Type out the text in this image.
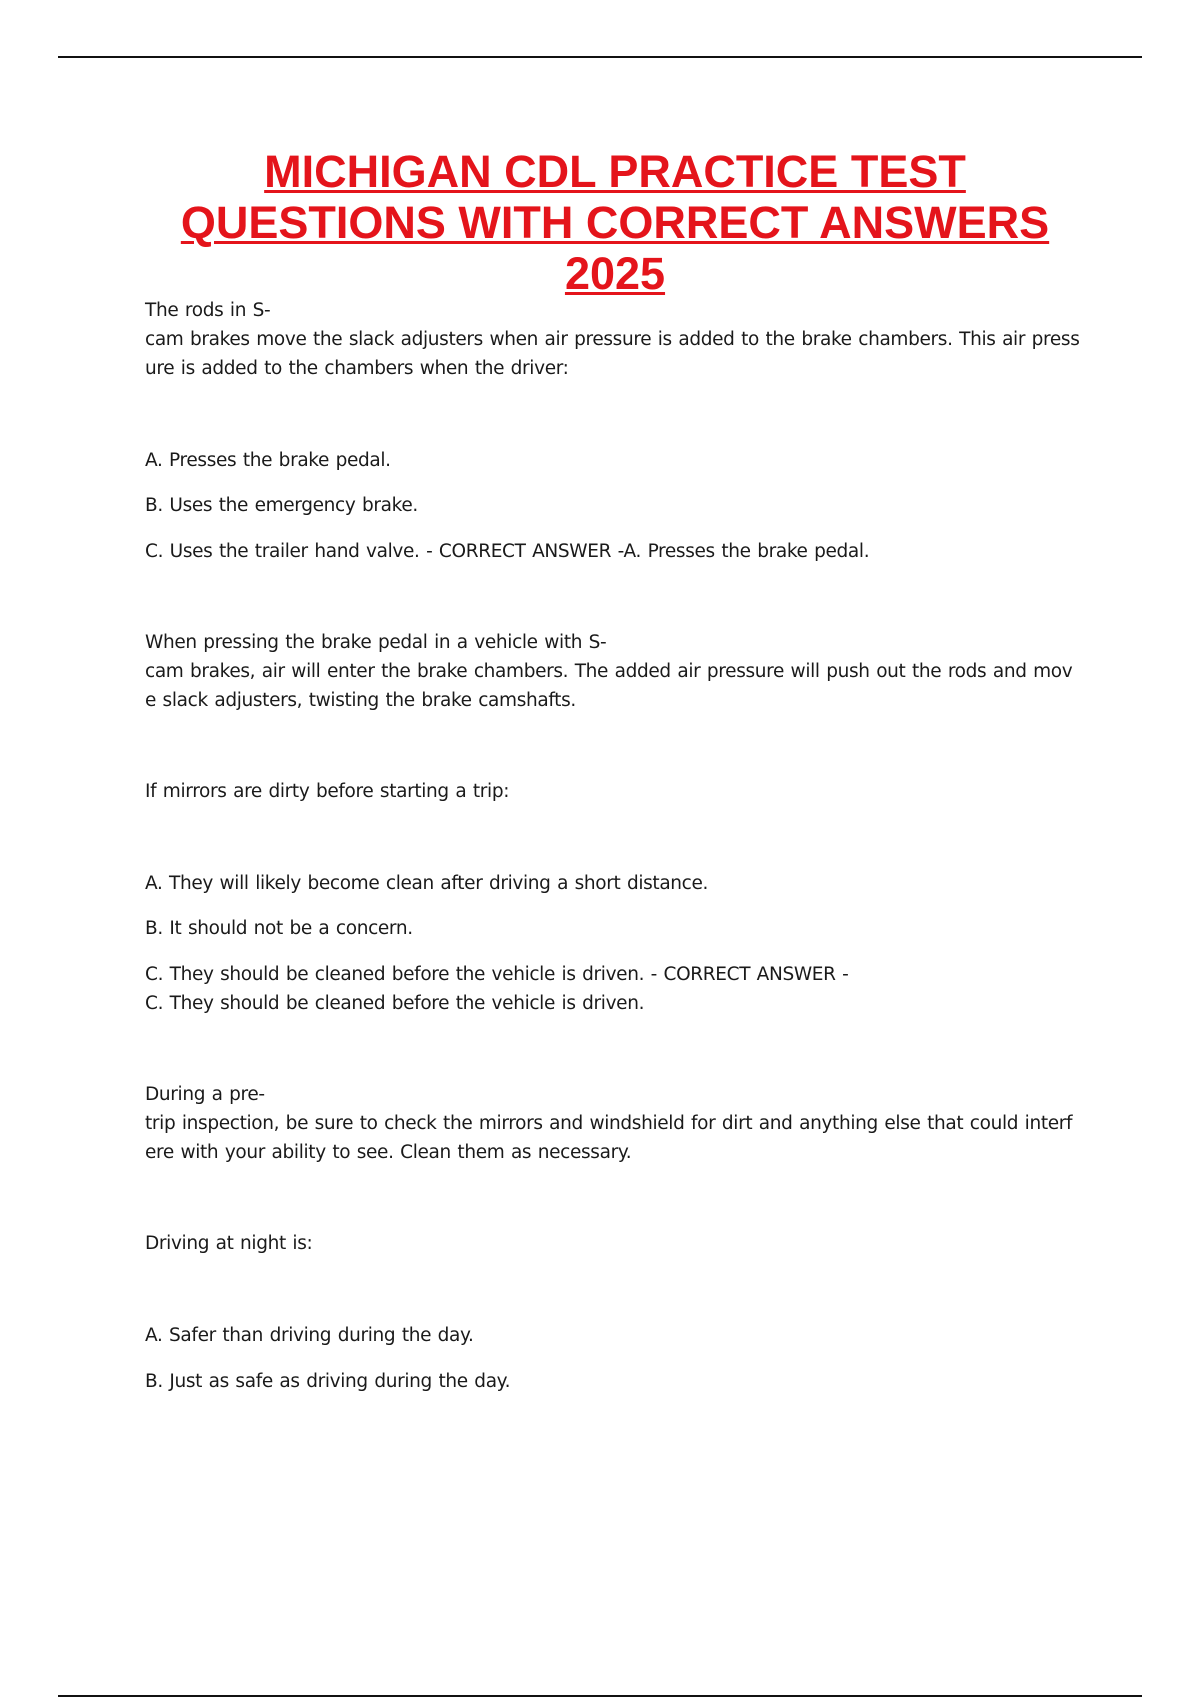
MICHIGAN CDL PRACTICE TEST
QUESTIONS WITH CORRECT ANSWERS
2025

The rods in S-

cam brakes move the slack adjusters when air pressure is added to the brake chambers. This air press

ure is added to the chambers when the driver:

A. Presses the brake pedal.

B. Uses the emergency brake.

C. Uses the trailer hand valve. - CORRECT ANSWER -A. Presses the brake pedal.

When pressing the brake pedal in a vehicle with S-

cam brakes, air will enter the brake chambers. The added air pressure will push out the rods and mov

e slack adjusters, twisting the brake camshafts.

If mirrors are dirty before starting a trip:

A. They will likely become clean after driving a short distance.

B. It should not be a concern.

C. They should be cleaned before the vehicle is driven. - CORRECT ANSWER -

C. They should be cleaned before the vehicle is driven.

During a pre-

trip inspection, be sure to check the mirrors and windshield for dirt and anything else that could interf

ere with your ability to see. Clean them as necessary.

Driving at night is:

A. Safer than driving during the day.

B. Just as safe as driving during the day.
